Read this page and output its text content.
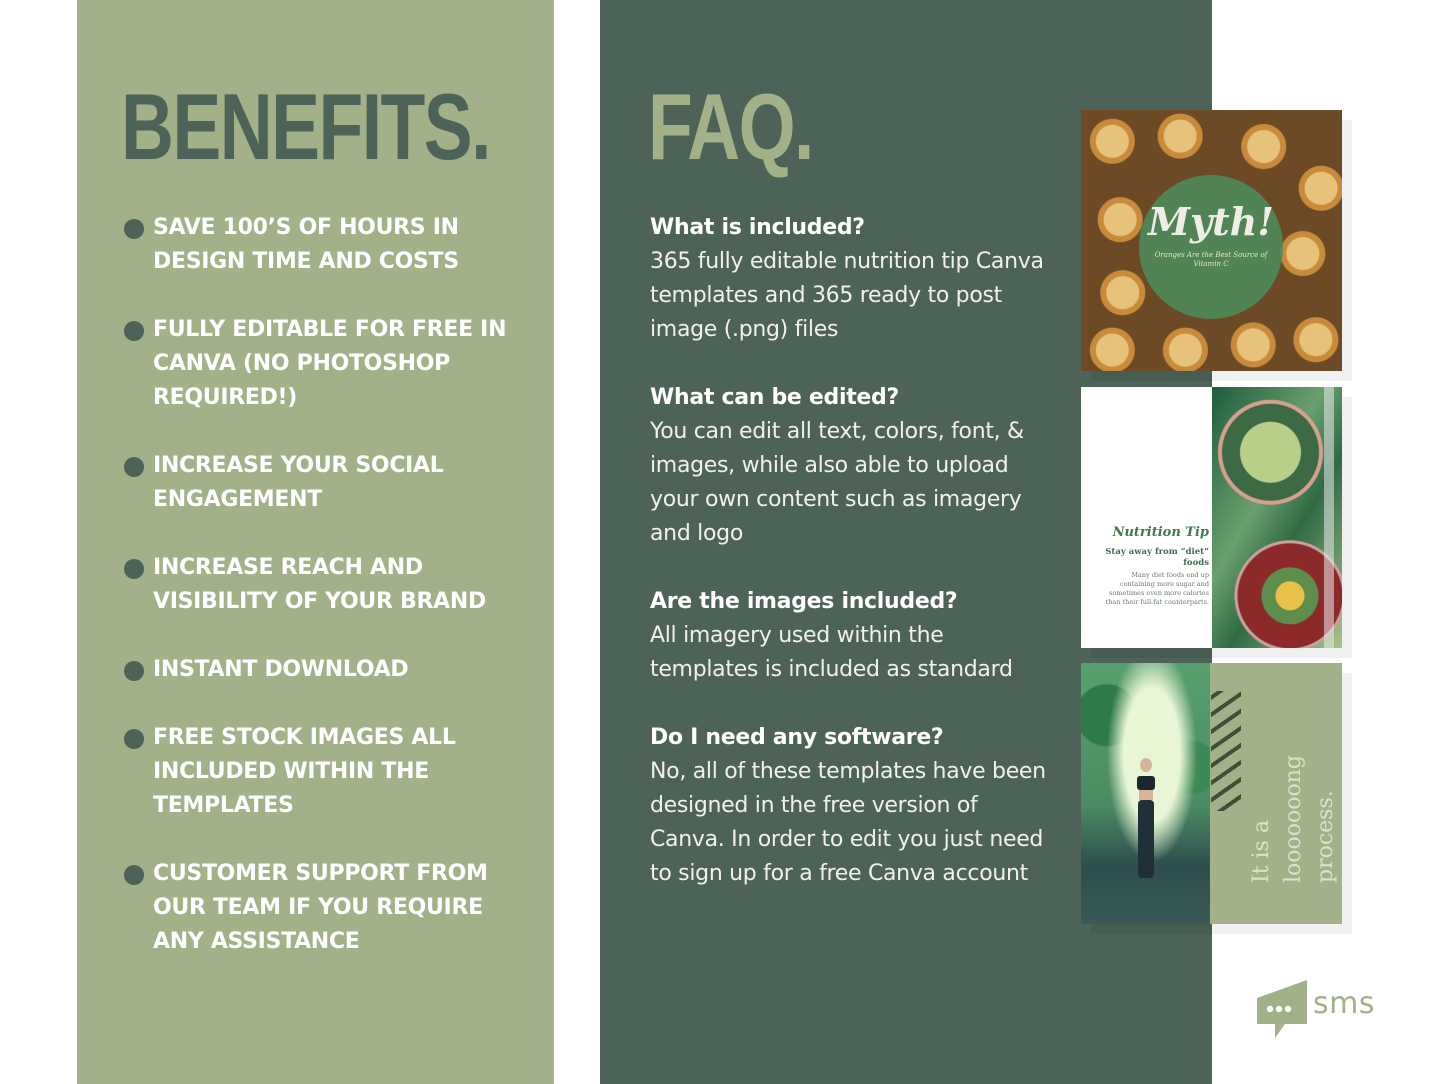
BENEFITS. FAQ.
SAVE 100’S OF HOURS IN DESIGN TIME AND COSTS
FULLY EDITABLE FOR FREE IN CANVA (NO PHOTOSHOP REQUIRED!)
INCREASE YOUR SOCIAL ENGAGEMENT
INCREASE REACH AND VISIBILITY OF YOUR BRAND
INSTANT DOWNLOAD
FREE STOCK IMAGES ALL INCLUDED WITHIN THE TEMPLATES
CUSTOMER SUPPORT FROM OUR TEAM IF YOU REQUIRE ANY ASSISTANCE
What is included?
365 fully editable nutrition tip Canva templates and 365 ready to post image (.png) files
What can be edited?
You can edit all text, colors, font, & images, while also able to upload your own content such as imagery and logo
Are the images included?
All imagery used within the templates is included as standard
Do I need any software?
No, all of these templates have been designed in the free version of Canva. In order to edit you just need to sign up for a free Canva account
Myth!
Oranges Are the Best Source of Vitamin C
Nutrition Tip
Stay away from “diet” foods
Many diet foods end up containing more sugar and sometimes even more calories than their full-fat counterparts.
It is a looooooong process.
sms
